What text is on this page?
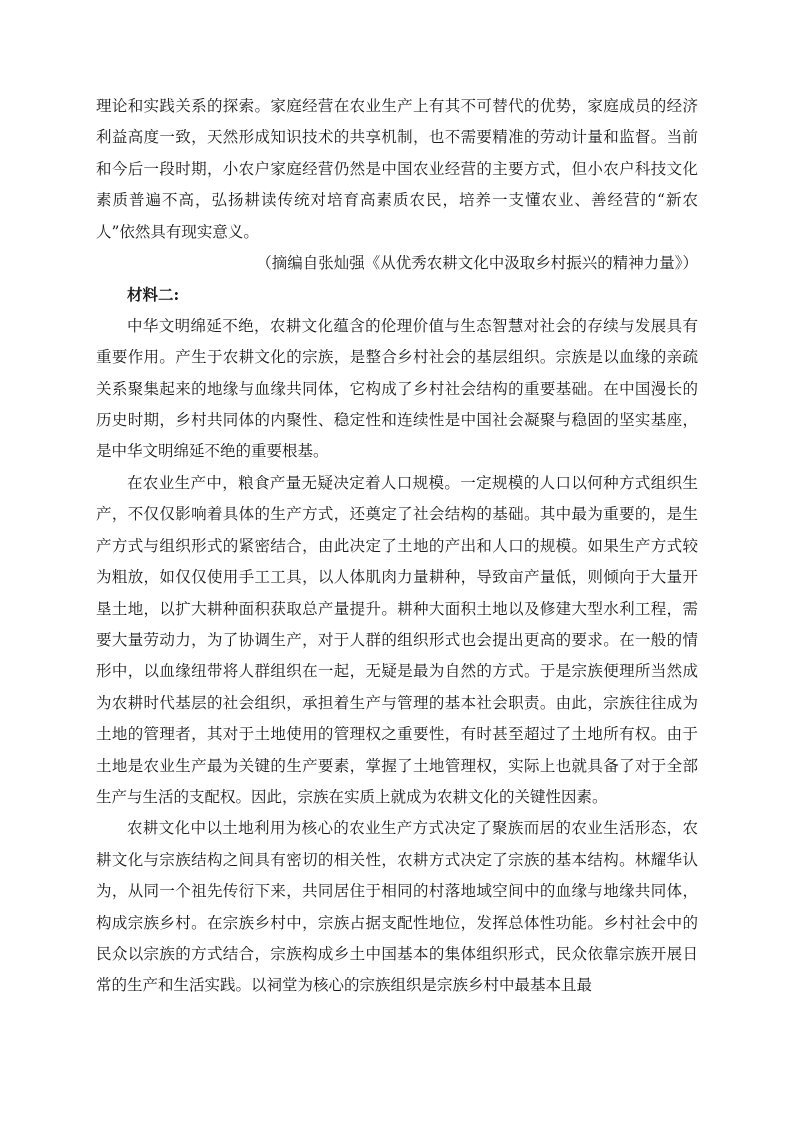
理论和实践关系的探索。家庭经营在农业生产上有其不可替代的优势，家庭成员的经济利益高度一致，天然形成知识技术的共享机制，也不需要精准的劳动计量和监督。当前和今后一段时期，小农户家庭经营仍然是中国农业经营的主要方式，但小农户科技文化素质普遍不高，弘扬耕读传统对培育高素质农民，培养一支懂农业、善经营的“新农人”依然具有现实意义。

（摘编自张灿强《从优秀农耕文化中汲取乡村振兴的精神力量》）

材料二:

中华文明绵延不绝，农耕文化蕴含的伦理价值与生态智慧对社会的存续与发展具有重要作用。产生于农耕文化的宗族，是整合乡村社会的基层组织。宗族是以血缘的亲疏关系聚集起来的地缘与血缘共同体，它构成了乡村社会结构的重要基础。在中国漫长的历史时期，乡村共同体的内聚性、稳定性和连续性是中国社会凝聚与稳固的坚实基座，是中华文明绵延不绝的重要根基。

在农业生产中，粮食产量无疑决定着人口规模。一定规模的人口以何种方式组织生产，不仅仅影响着具体的生产方式，还奠定了社会结构的基础。其中最为重要的，是生产方式与组织形式的紧密结合，由此决定了土地的产出和人口的规模。如果生产方式较为粗放，如仅仅使用手工工具，以人体肌肉力量耕种，导致亩产量低，则倾向于大量开垦土地，以扩大耕种面积获取总产量提升。耕种大面积土地以及修建大型水利工程，需要大量劳动力，为了协调生产，对于人群的组织形式也会提出更高的要求。在一般的情形中，以血缘纽带将人群组织在一起，无疑是最为自然的方式。于是宗族便理所当然成为农耕时代基层的社会组织，承担着生产与管理的基本社会职责。由此，宗族往往成为土地的管理者，其对于土地使用的管理权之重要性，有时甚至超过了土地所有权。由于土地是农业生产最为关键的生产要素，掌握了土地管理权，实际上也就具备了对于全部生产与生活的支配权。因此，宗族在实质上就成为农耕文化的关键性因素。

农耕文化中以土地利用为核心的农业生产方式决定了聚族而居的农业生活形态，农耕文化与宗族结构之间具有密切的相关性，农耕方式决定了宗族的基本结构。林耀华认为，从同一个祖先传衍下来，共同居住于相同的村落地域空间中的血缘与地缘共同体，构成宗族乡村。在宗族乡村中，宗族占据支配性地位，发挥总体性功能。乡村社会中的民众以宗族的方式结合，宗族构成乡土中国基本的集体组织形式，民众依靠宗族开展日常的生产和生活实践。以祠堂为核心的宗族组织是宗族乡村中最基本且最
